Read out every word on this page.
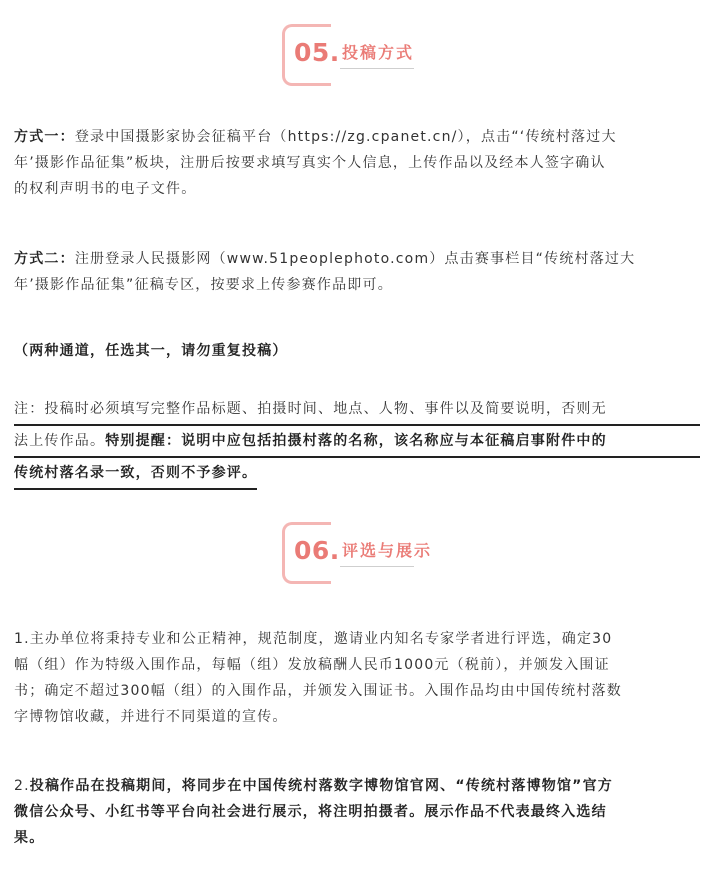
05. 投稿方式

方式一：登录中国摄影家协会征稿平台（https://zg.cpanet.cn/），点击“‘传统村落过大
年’摄影作品征集”板块，注册后按要求填写真实个人信息，上传作品以及经本人签字确认
的权利声明书的电子文件。

方式二：注册登录人民摄影网（www.51peoplephoto.com）点击赛事栏目“传统村落过大
年’摄影作品征集”征稿专区，按要求上传参赛作品即可。

（两种通道，任选其一，请勿重复投稿）

注：投稿时必须填写完整作品标题、拍摄时间、地点、人物、事件以及简要说明，否则无
法上传作品。特别提醒：说明中应包括拍摄村落的名称，该名称应与本征稿启事附件中的
传统村落名录一致，否则不予参评。
06. 评选与展示

1.主办单位将秉持专业和公正精神，规范制度，邀请业内知名专家学者进行评选，确定30
幅（组）作为特级入围作品，每幅（组）发放稿酬人民币1000元（税前），并颁发入围证
书；确定不超过300幅（组）的入围作品，并颁发入围证书。入围作品均由中国传统村落数
字博物馆收藏，并进行不同渠道的宣传。

2.投稿作品在投稿期间，将同步在中国传统村落数字博物馆官网、“传统村落博物馆”官方
微信公众号、小红书等平台向社会进行展示，将注明拍摄者。展示作品不代表最终入选结
果。
